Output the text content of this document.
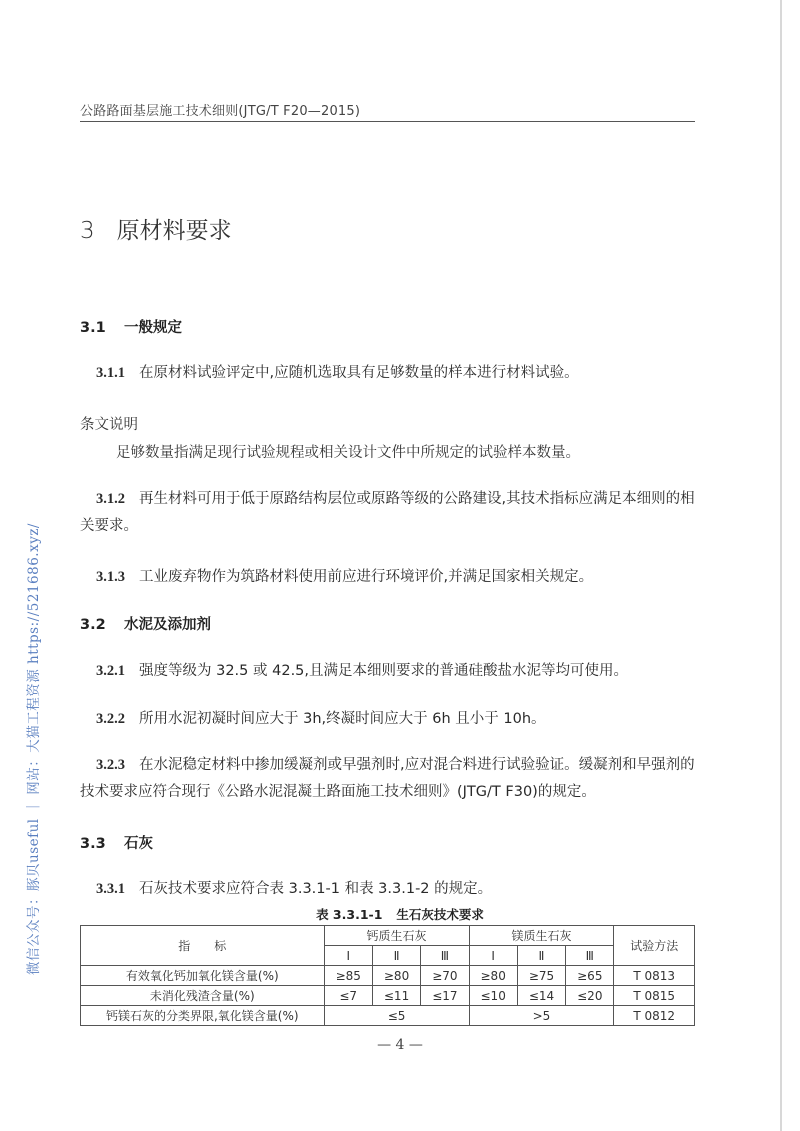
公路路面基层施工技术细则(JTG/T F20—2015)
3 原材料要求
3.1 一般规定
3.1.1 在原材料试验评定中,应随机选取具有足够数量的样本进行材料试验。
条文说明
足够数量指满足现行试验规程或相关设计文件中所规定的试验样本数量。
3.1.2 再生材料可用于低于原路结构层位或原路等级的公路建设,其技术指标应满足本细则的相关要求。
3.1.3 工业废弃物作为筑路材料使用前应进行环境评价,并满足国家相关规定。
3.2 水泥及添加剂
3.2.1 强度等级为 32.5 或 42.5,且满足本细则要求的普通硅酸盐水泥等均可使用。
3.2.2 所用水泥初凝时间应大于 3h,终凝时间应大于 6h 且小于 10h。
3.2.3 在水泥稳定材料中掺加缓凝剂或早强剂时,应对混合料进行试验验证。缓凝剂和早强剂的技术要求应符合现行《公路水泥混凝土路面施工技术细则》(JTG/T F30)的规定。
3.3 石灰
3.3.1 石灰技术要求应符合表 3.3.1-1 和表 3.3.1-2 的规定。
表 3.3.1-1 生石灰技术要求
指　　标	钙质生石灰			镁质生石灰			试验方法
	Ⅰ	Ⅱ	Ⅲ	Ⅰ	Ⅱ	Ⅲ	
有效氧化钙加氧化镁含量(%)	≥85	≥80	≥70	≥80	≥75	≥65	T 0813
未消化残渣含量(%)	≤7	≤11	≤17	≤10	≤14	≤20	T 0815
钙镁石灰的分类界限,氧化镁含量(%)	≤5			>5			T 0812
— 4 —
微信公众号：豚贝useful ｜ 网站：大猫工程资源 https://521686.xyz/
